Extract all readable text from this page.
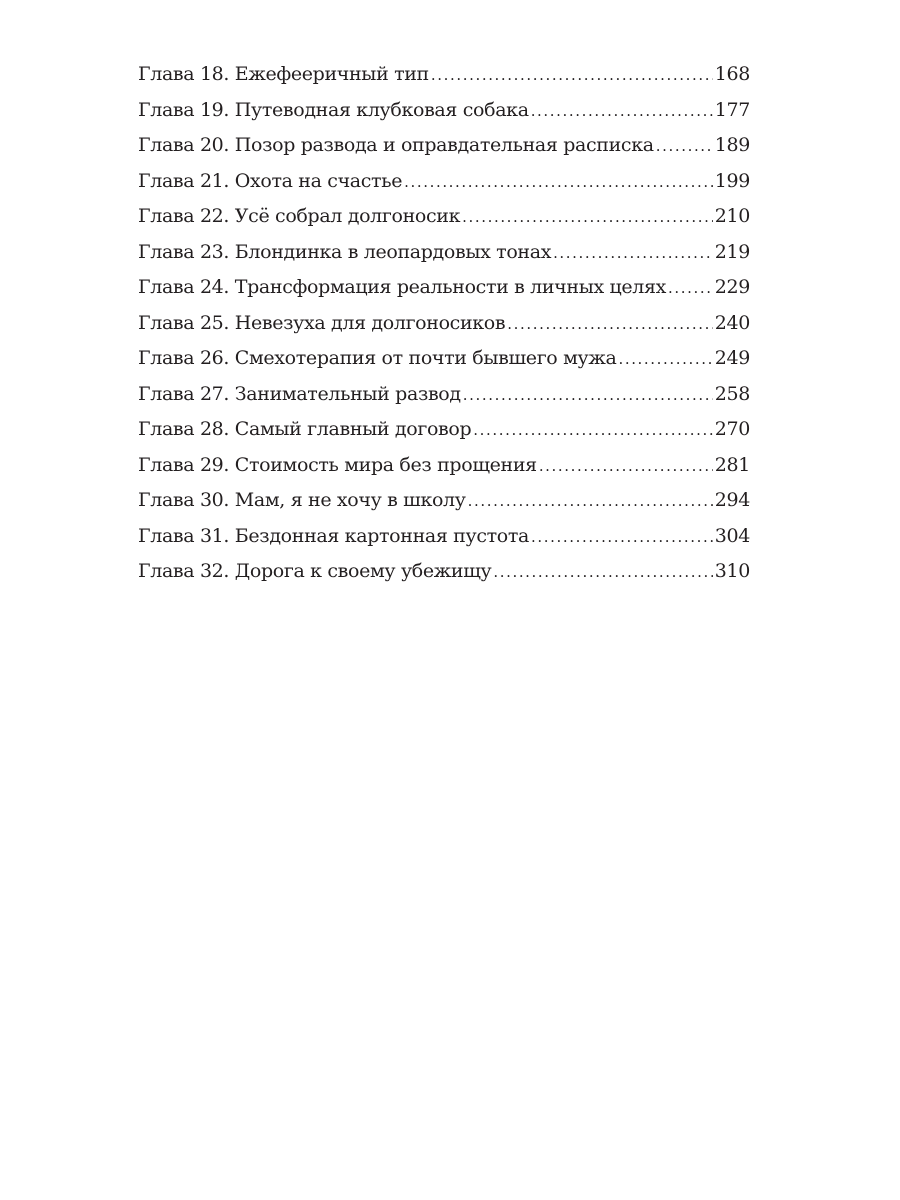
Глава 18. Ежефееричный тип .....	168
Глава 19. Путеводная клубковая собака .....	177
Глава 20. Позор развода и оправдательная расписка .....	189
Глава 21. Охота на счастье .....	199
Глава 22. Усё собрал долгоносик .....	210
Глава 23. Блондинка в леопардовых тонах .....	219
Глава 24. Трансформация реальности в личных целях .....	229
Глава 25. Невезуха для долгоносиков .....	240
Глава 26. Смехотерапия от почти бывшего мужа .....	249
Глава 27. Занимательный развод .....	258
Глава 28. Самый главный договор .....	270
Глава 29. Стоимость мира без прощения .....	281
Глава 30. Мам, я не хочу в школу .....	294
Глава 31. Бездонная картонная пустота .....	304
Глава 32. Дорога к своему убежищу .....	310
